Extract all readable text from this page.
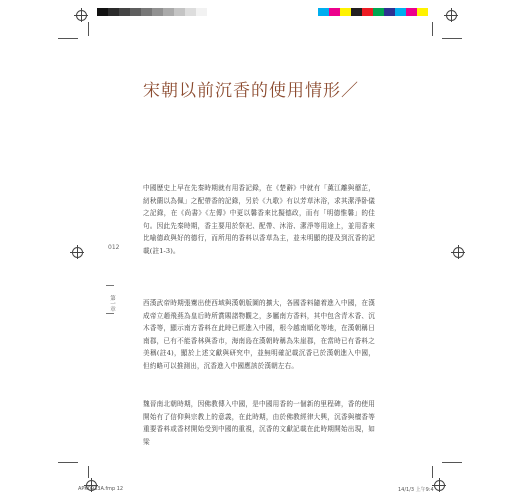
宋朝以前沉香的使用情形／
中國歷史上早在先秦時期就有用香記錄，在《楚辭》中就有「薰江離與蘼芷，紉秋蘭以為佩」之配帶香的記錄，另於《九歌》有以芳草沐浴，求其潔淨卧儀之記錄，在《尚書》《左傳》中更以馨香來比擬德政，而有「明德惟馨」的佳句。因此先秦時期，香主要用於祭祀、配帶、沐浴、潔淨等用途上，並用香來比喻德政與好的德行，而所用的香料以香草為主，並未明顯的提及到沉香的記載(註1-3)。
西漢武帝時期張騫出使西域與漢朝版圖的擴大，各國香料隨着進入中國，在漢成帝立趙飛燕為皇后時所賞賜諸物觀之，多屬南方香料，其中包含青木香、沉木香等，顯示南方香料在此時已經進入中國，根今越南順化等地，在漢朝稱日南郡，已有不能香林與香市，海南島在漢朝時稱為朱崖郡，在當時已有香料之美稱(註4)，顯於上述文獻與研究中，並無明確記載沉香已於漢朝進入中國，但約略可以推測出，沉香進入中國應該於漢朝左右。
魏晉南北朝時期，因佛教傳入中國，是中國用香的一個新的里程碑，香的使用開始有了信仰與宗教上的意義，在此時期，由於佛教經律大興，沉香與檀香等重要香料或香材開始受到中國的重視，沉香的文獻記載在此時期開始出現，如梁
012
第一章
APK0933A.fmp 12	14/1/3 上午9:4
